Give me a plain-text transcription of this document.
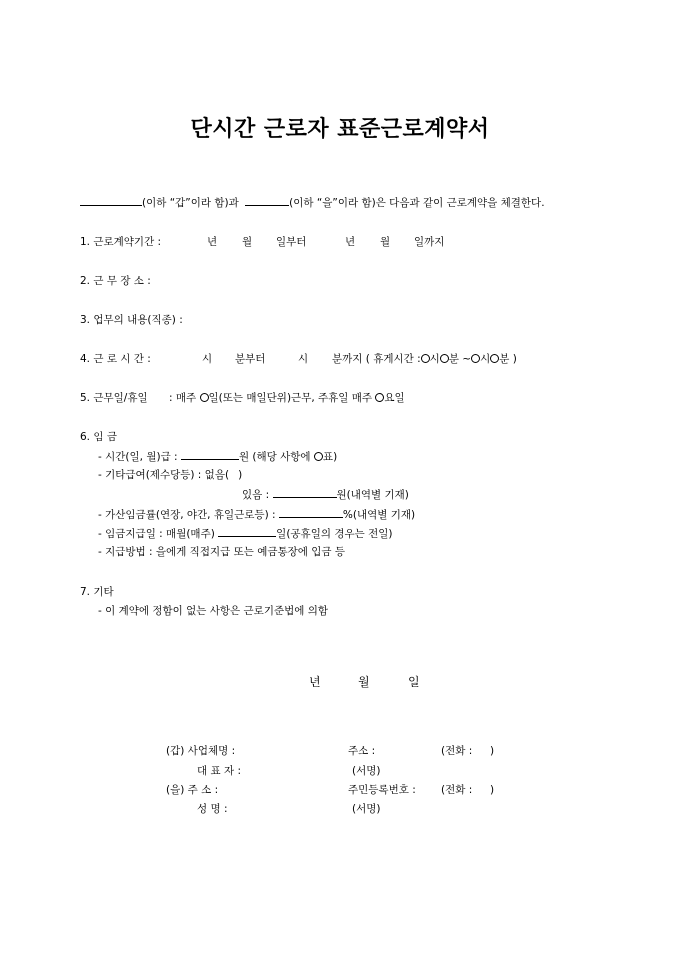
단시간 근로자 표준근로계약서
(이하 “갑”이라 함)과	(이하 “을”이라 함)은 다음과 같이 근로계약을 체결한다.
1. 근로계약기간 :	년 월 일부터	년 월 일까지
2. 근 무 장 소 :
3. 업무의 내용(직종) :
4. 근 로 시 간 :	시 분부터	시 분까지 ( 휴게시간 : 시 분 ~ 시 분 )
5. 근무일/휴일 : 매주 일(또는 매일단위)근무, 주휴일 매주 요일
6. 임 금
- 시간(일, 월)급 :	원 (해당 사항에 표)
- 기타급여(제수당등) : 없음( )
있음 :	원(내역별 기재)
- 가산임금률(연장, 야간, 휴일근로등) :	%(내역별 기재)
- 임금지급일 : 매월(매주)	일(공휴일의 경우는 전일)
- 지급방법 : 을에게 직접지급 또는 예금통장에 입금 등
7. 기타
- 이 계약에 정함이 없는 사항은 근로기준법에 의함
년	월	일
(갑) 사업체명 :	주소 :	(전화 : )
대 표 자 :	(서명)
(을) 주 소 :	주민등록번호 : (전화 : )
성 명 :	(서명)
